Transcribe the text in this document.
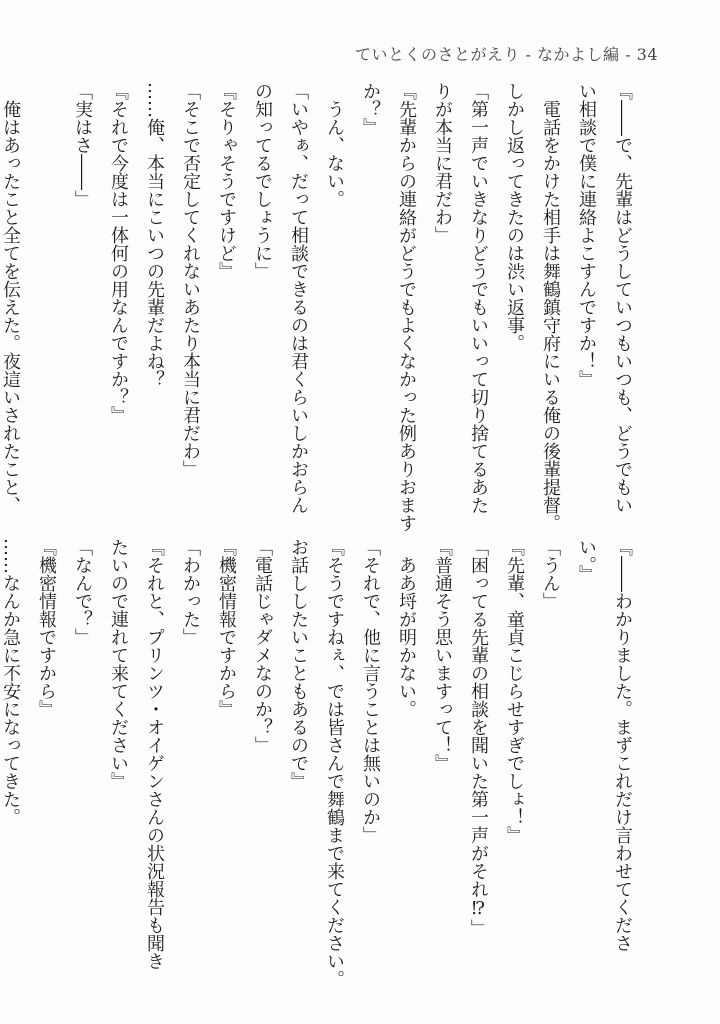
ていとくのさとがえり - なかよし編 - 34
『――で、先輩はどうしていつもいつも、どうでもい
い相談で僕に連絡よこすんですか！』
　電話をかけた相手は舞鶴鎮守府にいる俺の後輩提督。
しかし返ってきたのは渋い返事。
「第一声でいきなりどうでもいいって切り捨てるあた
りが本当に君だわ」
『先輩からの連絡がどうでもよくなかった例ありおます
か？』
　うん、ない。
「いやぁ、だって相談できるのは君くらいしかおらん
の知ってるでしょうに」
『そりゃそうですけど』
「そこで否定してくれないあたり本当に君だわ」
……俺、本当にこいつの先輩だよね？
『それで今度は一体何の用なんですか？』
「実はさ――」

　俺はあったこと全てを伝えた。夜這いされたこと、
『――わかりました。まずこれだけ言わせてくださ
い。』
「うん」
『先輩、童貞こじらせすぎでしょ！』
「困ってる先輩の相談を聞いた第一声がそれ⁉」
『普通そう思いますって！』
　ああ埒が明かない。
「それで、他に言うことは無いのか」
『そうですねぇ、では皆さんで舞鶴まで来てください。
お話ししたいこともあるので』
「電話じゃダメなのか？」
『機密情報ですから』
「わかった」
『それと、プリンツ・オイゲンさんの状況報告も聞き
たいので連れて来てください』
「なんで？」
『機密情報ですから』
……なんか急に不安になってきた。
